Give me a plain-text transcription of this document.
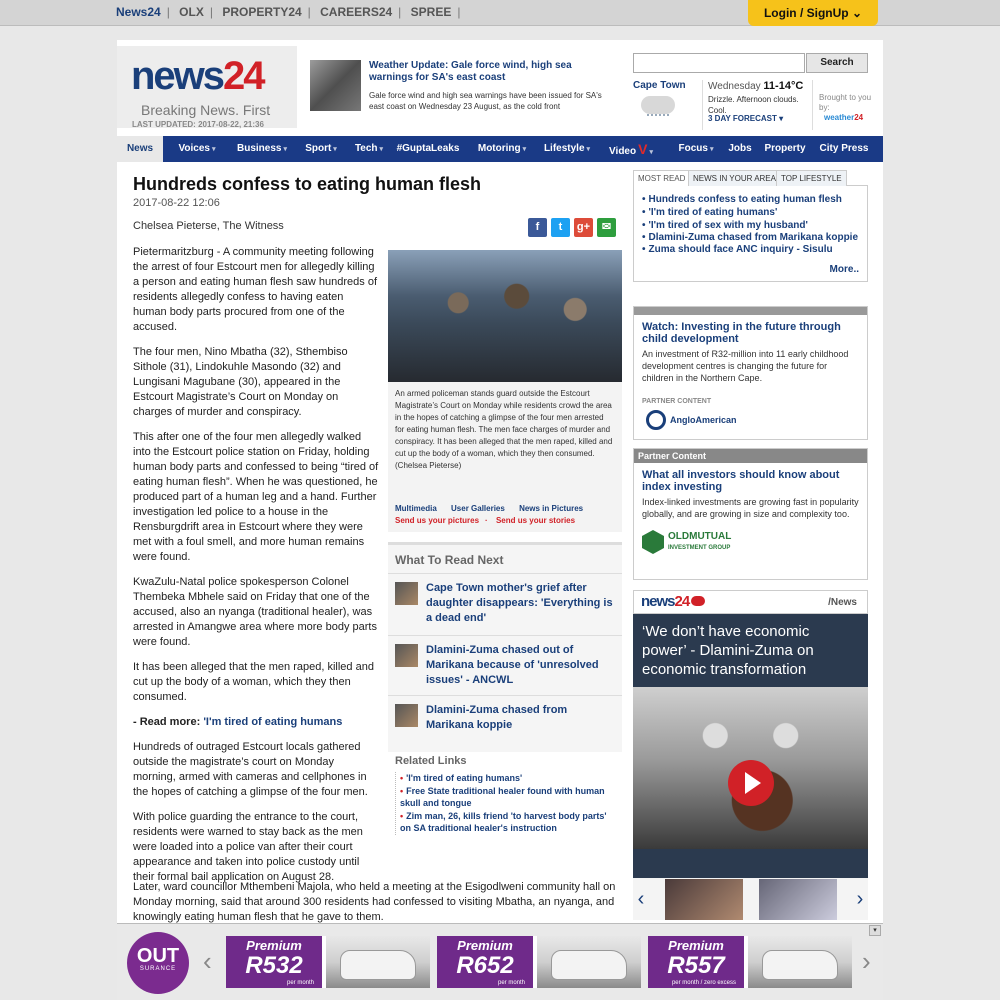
News24 | OLX | PROPERTY24 | CAREERS24 | SPREE |	Login / SignUp ⌄
news24
Breaking News. First
LAST UPDATED: 2017-08-22, 21:36
Weather Update: Gale force wind, high sea warnings for SA's east coast
Gale force wind and high sea warnings have been issued for SA's east coast on Wednesday 23 August, as the cold front
Search
Cape Town Wednesday 11-14°C
Drizzle. Afternoon clouds. Cool.
3 DAY FORECAST ▾
Brought to you by:
weather24
News	Voices ▾	Business ▾	Sport ▾	Tech ▾	#GuptaLeaks	Motoring ▾	Lifestyle ▾	Video V ▾	Focus ▾	Jobs	Property	City Press
Hundreds confess to eating human flesh
2017-08-22 12:06
Chelsea Pieterse, The Witness	f	t	g+	✉

Pietermaritzburg - A community meeting following the arrest of four Estcourt men for allegedly killing a person and eating human flesh saw hundreds of residents allegedly confess to having eaten human body parts procured from one of the accused.

The four men, Nino Mbatha (32), Sthembiso Sithole (31), Lindokuhle Masondo (32) and Lungisani Magubane (30), appeared in the Estcourt Magistrate’s Court on Monday on charges of murder and conspiracy.

This after one of the four men allegedly walked into the Estcourt police station on Friday, holding human body parts and confessed to being “tired of eating human flesh”. When he was questioned, he produced part of a human leg and a hand. Further investigation led police to a house in the Rensburgdrift area in Estcourt where they were met with a foul smell, and more human remains were found.

KwaZulu-Natal police spokesperson Colonel Thembeka Mbhele said on Friday that one of the accused, also an nyanga (traditional healer), was arrested in Amangwe area where more body parts were found.

It has been alleged that the men raped, killed and cut up the body of a woman, which they then consumed.

- Read more: 'I'm tired of eating humans

Hundreds of outraged Estcourt locals gathered outside the magistrate’s court on Monday morning, armed with cameras and cellphones in the hopes of catching a glimpse of the four men.

With police guarding the entrance to the court, residents were warned to stay back as the men were loaded into a police van after their court appearance and taken into police custody until their formal bail application on August 28.

Later, ward councillor Mthembeni Majola, who held a meeting at the Esigodlweni community hall on Monday morning, said that around 300 residents had confessed to visiting Mbatha, an nyanga, and knowingly eating human flesh that he gave to them.
An armed policeman stands guard outside the Estcourt Magistrate’s Court on Monday while residents crowd the area in the hopes of catching a glimpse of the four men arrested for eating human flesh. The men face charges of murder and conspiracy. It has been alleged that the men raped, killed and cut up the body of a woman, which they then consumed. (Chelsea Pieterse)
Multimedia User Galleries News in Pictures
Send us your pictures · Send us your stories
What To Read Next
Cape Town mother's grief after daughter disappears: 'Everything is a dead end'
Dlamini-Zuma chased out of Marikana because of 'unresolved issues' - ANCWL
Dlamini-Zuma chased from Marikana koppie
Related Links
• 'I'm tired of eating humans'
• Free State traditional healer found with human skull and tongue
• Zim man, 26, kills friend 'to harvest body parts' on SA traditional healer's instruction
MOST READ NEWS IN YOUR AREA TOP LIFESTYLE
• Hundreds confess to eating human flesh
• 'I'm tired of eating humans'
• 'I'm tired of sex with my husband'
• Dlamini-Zuma chased from Marikana koppie
• Zuma should face ANC inquiry - Sisulu
More..
Watch: Investing in the future through child development
An investment of R32-million into 11 early childhood development centres is changing the future for children in the Northern Cape.
PARTNER CONTENT
AngloAmerican
Partner Content
What all investors should know about index investing
Index-linked investments are growing fast in popularity globally, and are growing in size and complexity too.
OLDMUTUAL
INVESTMENT GROUP
news24	/News
‘We don’t have economic power’ - Dlamini-Zuma on economic transformation
‹	›
▾
OUT
SURANCE	‹
Premium
R532
per month
Premium
R652
per month
Premium
R557
per month / zero excess
›
